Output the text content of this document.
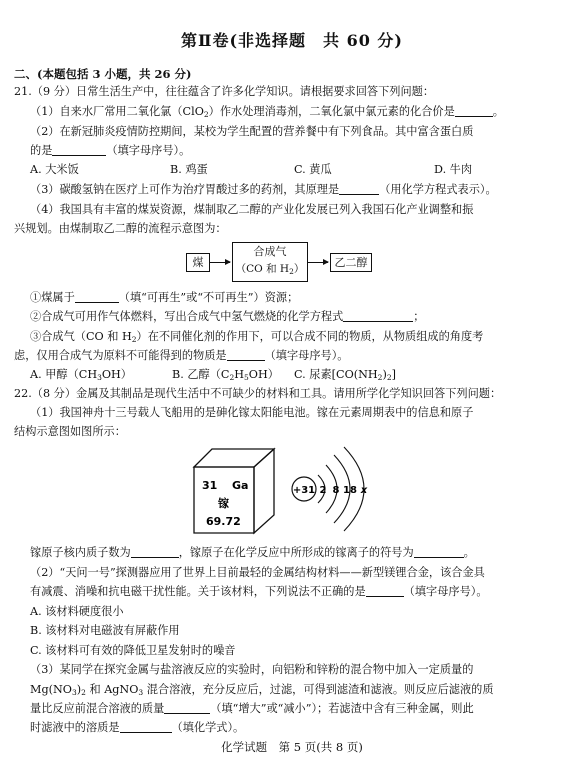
第Ⅱ卷(非选择题　共 60 分)
二、(本题包括 3 小题，共 26 分)
21.（9 分）日常生活生产中，往往蕴含了许多化学知识。请根据要求回答下列问题：
（1）自来水厂常用二氧化氯（ClO$_2$）作水处理消毒剂，二氧化氯中氯元素的化合价是	。
（2）在新冠肺炎疫情防控期间，某校为学生配置的营养餐中有下列食品。其中富含蛋白质
的是	（填字母序号）。
A. 大米饭	B. 鸡蛋	C. 黄瓜	D. 牛肉
（3）碳酸氢钠在医疗上可作为治疗胃酸过多的药剂，其原理是	（用化学方程式表示）。
（4）我国具有丰富的煤炭资源，煤制取乙二醇的产业化发展已列入我国石化产业调整和振
兴规划。由煤制取乙二醇的流程示意图为：
煤
合成气
（CO 和 $H_2$）	乙二醇
①煤属于	（填“可再生”或“不可再生”）资源；
②合成气可用作气体燃料，写出合成气中氢气燃烧的化学方程式	；
③合成气（CO 和 $H_2$）在不同催化剂的作用下，可以合成不同的物质，从物质组成的角度考
虑，仅用合成气为原料不可能得到的物质是	（填字母序号）。
A. 甲醇$(CH_3OH)$	B. 乙醇$(C_2H_5OH)$ C. 尿素$[CO(NH_2)_2]$
22.（8 分）金属及其制品是现代生活中不可缺少的材料和工具。请用所学化学知识回答下列问题：
（1）我国神舟十三号载人飞船用的是砷化镓太阳能电池。镓在元素周期表中的信息和原子
结构示意图如图所示：
31 Ga
镓
69.72
+31 2 8 18 x
镓原子核内质子数为	，镓原子在化学反应中所形成的镓离子的符号为	。
（2）“天问一号”探测器应用了世界上目前最轻的金属结构材料——新型镁锂合金，该合金具
有减震、消噪和抗电磁干扰性能。关于该材料，下列说法不正确的是	（填字母序号）。
A. 该材料硬度很小
B. 该材料对电磁波有屏蔽作用
C. 该材料可有效的降低卫星发射时的噪音
（3）某同学在探究金属与盐溶液反应的实验时，向铝粉和锌粉的混合物中加入一定质量的
$Mg(NO_3)_2$ 和 AgNO$_3$ 混合溶液，充分反应后，过滤，可得到滤渣和滤液。则反应后滤液的质
量比反应前混合溶液的质量	（填“增大”或“减小”）；若滤渣中含有三种金属，则此
时滤液中的溶质是	（填化学式）。
化学试题　第 5 页(共 8 页)
